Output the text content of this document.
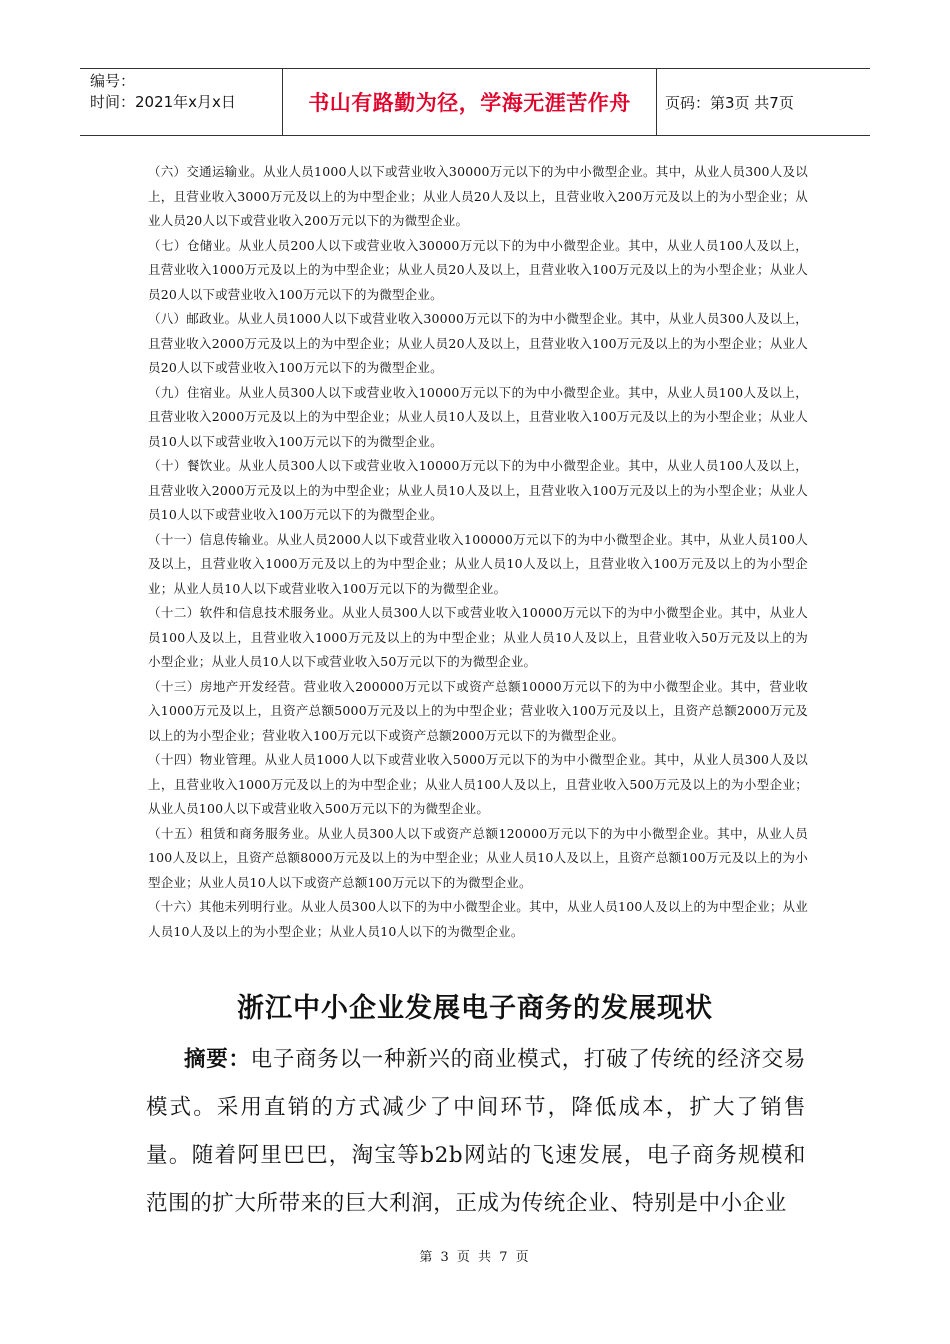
编号：
时间：2021年x月x日	书山有路勤为径，学海无涯苦作舟	页码：第3页 共7页

（六）交通运输业。从业人员1000人以下或营业收入30000万元以下的为中小微型企业。其中，从业人员300人及以上，且营业收入3000万元及以上的为中型企业；从业人员20人及以上，且营业收入200万元及以上的为小型企业；从业人员20人以下或营业收入200万元以下的为微型企业。

（七）仓储业。从业人员200人以下或营业收入30000万元以下的为中小微型企业。其中，从业人员100人及以上，且营业收入1000万元及以上的为中型企业；从业人员20人及以上，且营业收入100万元及以上的为小型企业；从业人员20人以下或营业收入100万元以下的为微型企业。

（八）邮政业。从业人员1000人以下或营业收入30000万元以下的为中小微型企业。其中，从业人员300人及以上，且营业收入2000万元及以上的为中型企业；从业人员20人及以上，且营业收入100万元及以上的为小型企业；从业人员20人以下或营业收入100万元以下的为微型企业。

（九）住宿业。从业人员300人以下或营业收入10000万元以下的为中小微型企业。其中，从业人员100人及以上，且营业收入2000万元及以上的为中型企业；从业人员10人及以上，且营业收入100万元及以上的为小型企业；从业人员10人以下或营业收入100万元以下的为微型企业。

（十）餐饮业。从业人员300人以下或营业收入10000万元以下的为中小微型企业。其中，从业人员100人及以上，且营业收入2000万元及以上的为中型企业；从业人员10人及以上，且营业收入100万元及以上的为小型企业；从业人员10人以下或营业收入100万元以下的为微型企业。

（十一）信息传输业。从业人员2000人以下或营业收入100000万元以下的为中小微型企业。其中，从业人员100人及以上，且营业收入1000万元及以上的为中型企业；从业人员10人及以上，且营业收入100万元及以上的为小型企业；从业人员10人以下或营业收入100万元以下的为微型企业。

（十二）软件和信息技术服务业。从业人员300人以下或营业收入10000万元以下的为中小微型企业。其中，从业人员100人及以上，且营业收入1000万元及以上的为中型企业；从业人员10人及以上，且营业收入50万元及以上的为小型企业；从业人员10人以下或营业收入50万元以下的为微型企业。

（十三）房地产开发经营。营业收入200000万元以下或资产总额10000万元以下的为中小微型企业。其中，营业收入1000万元及以上，且资产总额5000万元及以上的为中型企业；营业收入100万元及以上，且资产总额2000万元及以上的为小型企业；营业收入100万元以下或资产总额2000万元以下的为微型企业。

（十四）物业管理。从业人员1000人以下或营业收入5000万元以下的为中小微型企业。其中，从业人员300人及以上，且营业收入1000万元及以上的为中型企业；从业人员100人及以上，且营业收入500万元及以上的为小型企业；从业人员100人以下或营业收入500万元以下的为微型企业。

（十五）租赁和商务服务业。从业人员300人以下或资产总额120000万元以下的为中小微型企业。其中，从业人员100人及以上，且资产总额8000万元及以上的为中型企业；从业人员10人及以上，且资产总额100万元及以上的为小型企业；从业人员10人以下或资产总额100万元以下的为微型企业。

（十六）其他未列明行业。从业人员300人以下的为中小微型企业。其中，从业人员100人及以上的为中型企业；从业人员10人及以上的为小型企业；从业人员10人以下的为微型企业。

浙江中小企业发展电子商务的发展现状
摘要：电子商务以一种新兴的商业模式，打破了传统的经济交易模式。采用直销的方式减少了中间环节，降低成本，扩大了销售量。随着阿里巴巴，淘宝等b2b网站的飞速发展，电子商务规模和范围的扩大所带来的巨大利润，正成为传统企业、特别是中小企业
第 3 页 共 7 页
